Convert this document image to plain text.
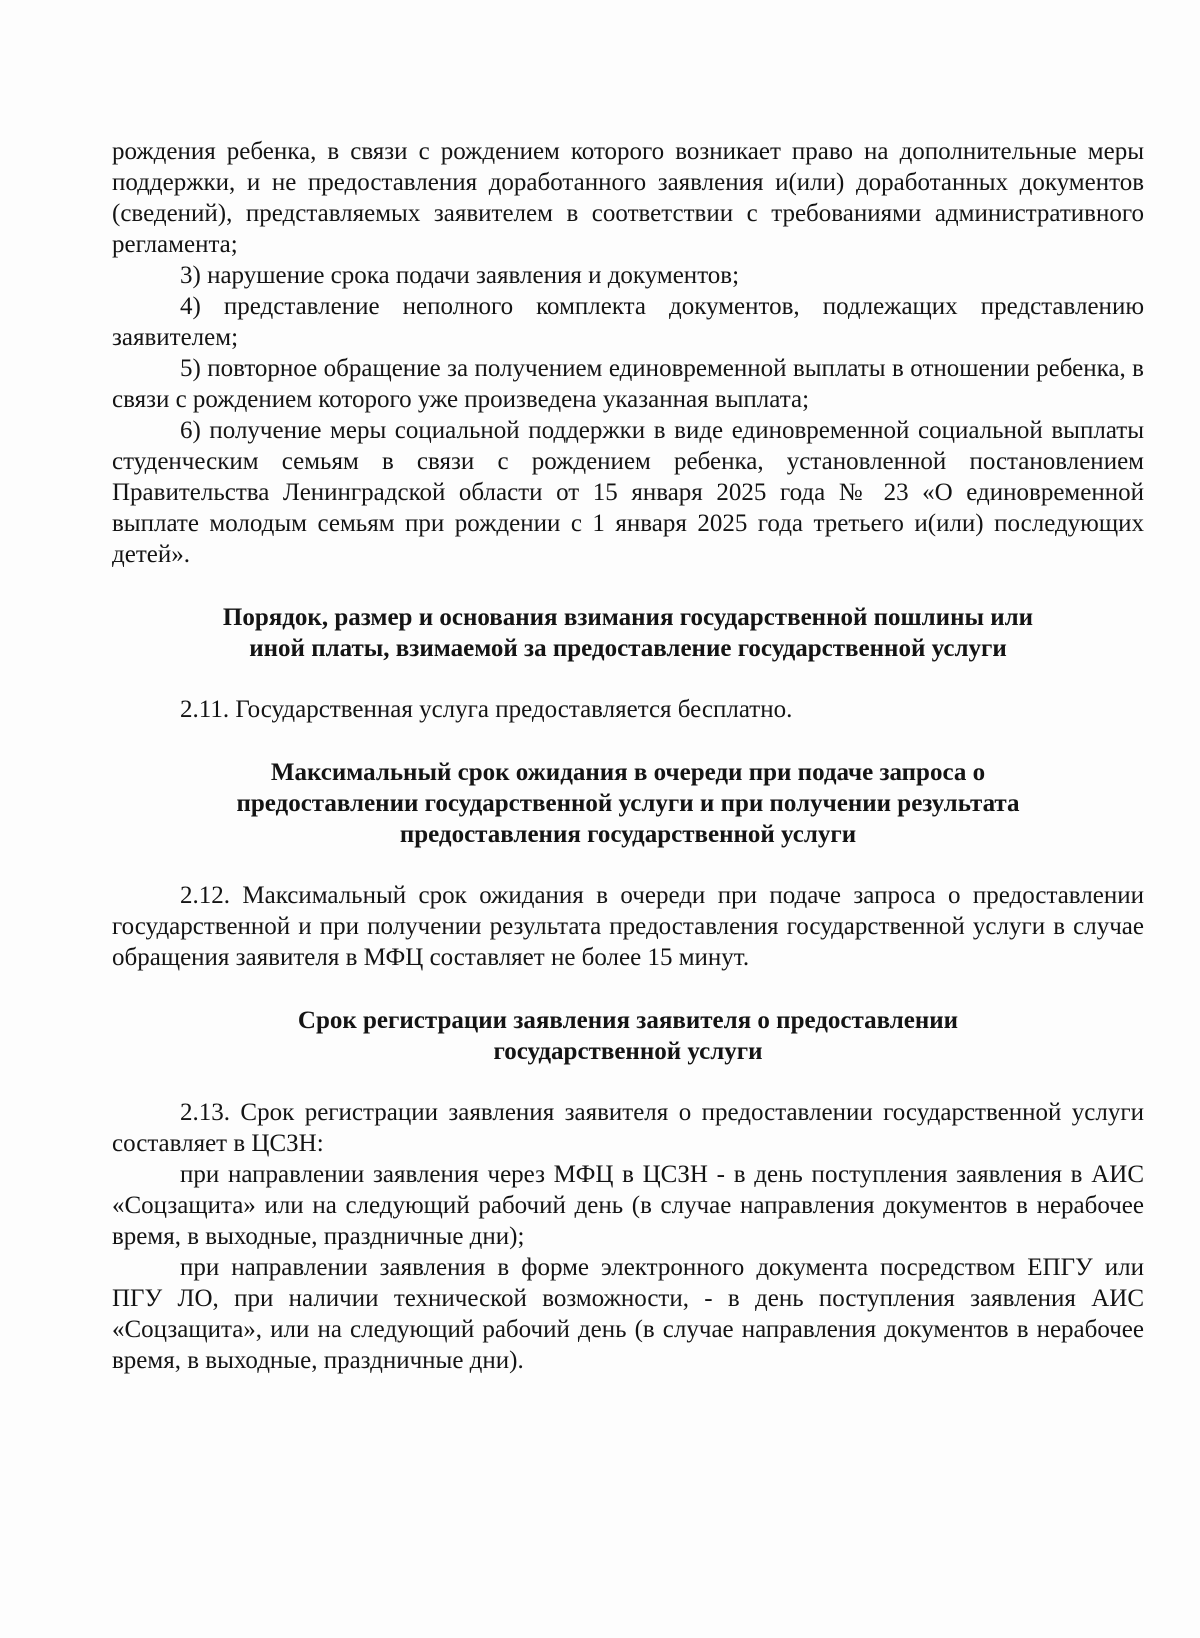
рождения ребенка, в связи с рождением которого возникает право на дополнительные меры поддержки, и не предоставления доработанного заявления и(или) доработанных документов (сведений), представляемых заявителем в соответствии с требованиями административного регламента;

3) нарушение срока подачи заявления и документов;

4) представление неполного комплекта документов, подлежащих представлению заявителем;

5) повторное обращение за получением единовременной выплаты в отношении ребенка, в связи с рождением которого уже произведена указанная выплата;

6) получение меры социальной поддержки в виде единовременной социальной выплаты студенческим семьям в связи с рождением ребенка, установленной постановлением Правительства Ленинградской области от 15 января 2025 года № 23 «О единовременной выплате молодым семьям при рождении с 1 января 2025 года третьего и(или) последующих детей».

Порядок, размер и основания взимания государственной пошлины или иной платы, взимаемой за предоставление государственной услуги

2.11. Государственная услуга предоставляется бесплатно.

Максимальный срок ожидания в очереди при подаче запроса о предоставлении государственной услуги и при получении результата предоставления государственной услуги

2.12. Максимальный срок ожидания в очереди при подаче запроса о предоставлении государственной и при получении результата предоставления государственной услуги в случае обращения заявителя в МФЦ составляет не более 15 минут.

Срок регистрации заявления заявителя о предоставлении государственной услуги

2.13. Срок регистрации заявления заявителя о предоставлении государственной услуги составляет в ЦСЗН:

при направлении заявления через МФЦ в ЦСЗН - в день поступления заявления в АИС «Соцзащита» или на следующий рабочий день (в случае направления документов в нерабочее время, в выходные, праздничные дни);

при направлении заявления в форме электронного документа посредством ЕПГУ или ПГУ ЛО, при наличии технической возможности, - в день поступления заявления АИС «Соцзащита», или на следующий рабочий день (в случае направления документов в нерабочее время, в выходные, праздничные дни).
